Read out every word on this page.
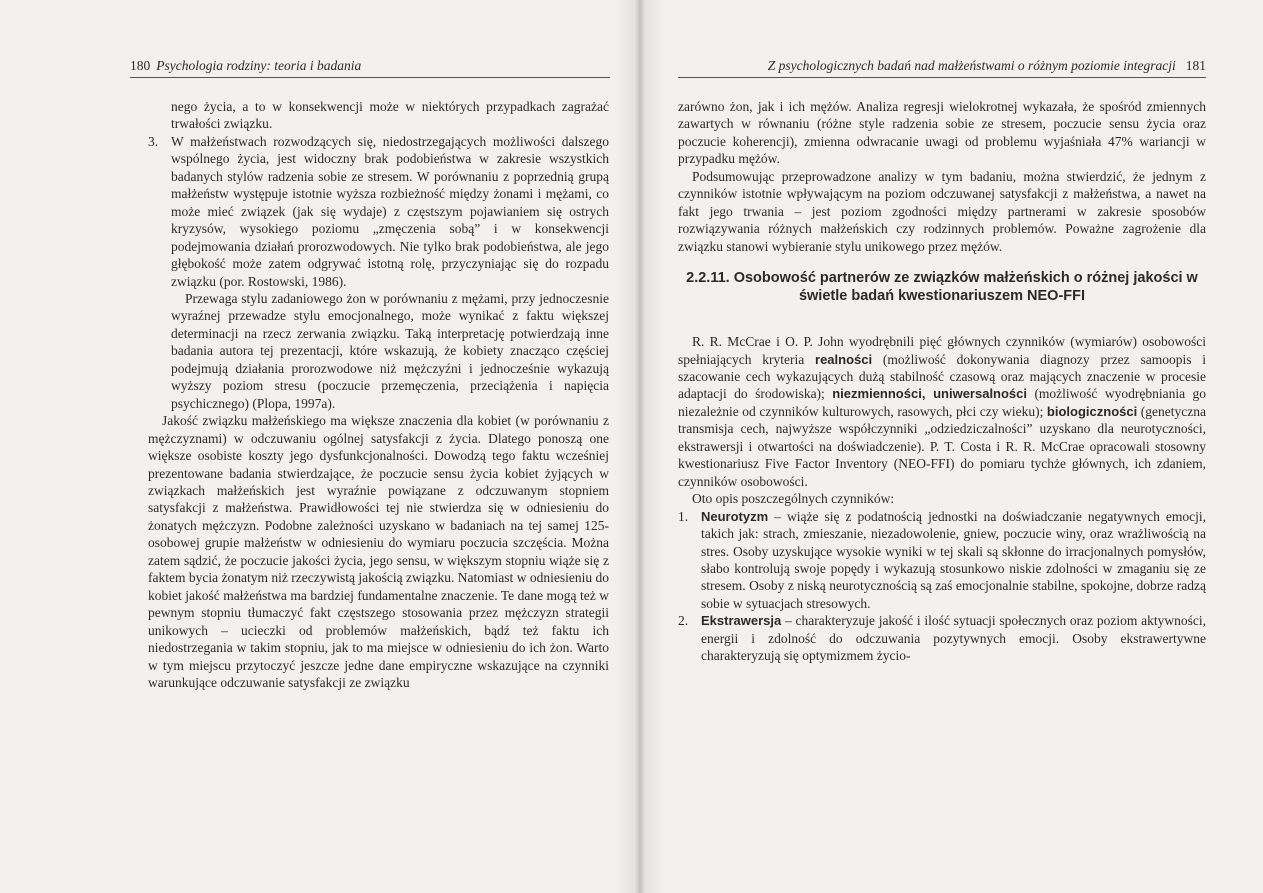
180 Psychologia rodziny: teoria i badania

nego życia, a to w konsekwencji może w niektórych przypadkach zagrażać trwałości związku.

3. W małżeństwach rozwodzących się, niedostrzegających możliwości dalszego wspólnego życia, jest widoczny brak podobieństwa w zakresie wszystkich badanych stylów radzenia sobie ze stresem. W porównaniu z poprzednią grupą małżeństw występuje istotnie wyższa rozbieżność między żonami i mężami, co może mieć związek (jak się wydaje) z częstszym pojawianiem się ostrych kryzysów, wysokiego poziomu „zmęczenia sobą” i w konsekwencji podejmowania działań prorozwodowych. Nie tylko brak podobieństwa, ale jego głębokość może zatem odgrywać istotną rolę, przyczyniając się do rozpadu związku (por. Rostowski, 1986).

Przewaga stylu zadaniowego żon w porównaniu z mężami, przy jednoczesnie wyraźnej przewadze stylu emocjonalnego, może wynikać z faktu większej determinacji na rzecz zerwania związku. Taką interpretację potwierdzają inne badania autora tej prezentacji, które wskazują, że kobiety znacząco częściej podejmują działania prorozwodowe niż mężczyźni i jednocześnie wykazują wyższy poziom stresu (poczucie przemęczenia, przeciążenia i napięcia psychicznego) (Plopa, 1997a).

Jakość związku małżeńskiego ma większe znaczenia dla kobiet (w porównaniu z mężczyznami) w odczuwaniu ogólnej satysfakcji z życia. Dlatego ponoszą one większe osobiste koszty jego dysfunkcjonalności. Dowodzą tego faktu wcześniej prezentowane badania stwierdzające, że poczucie sensu życia kobiet żyjących w związkach małżeńskich jest wyraźnie powiązane z odczuwanym stopniem satysfakcji z małżeństwa. Prawidłowości tej nie stwierdza się w odniesieniu do żonatych mężczyzn. Podobne zależności uzyskano w badaniach na tej samej 125-osobowej grupie małżeństw w odniesieniu do wymiaru poczucia szczęścia. Można zatem sądzić, że poczucie jakości życia, jego sensu, w większym stopniu wiąże się z faktem bycia żonatym niż rzeczywistą jakością związku. Natomiast w odniesieniu do kobiet jakość małżeństwa ma bardziej fundamentalne znaczenie. Te dane mogą też w pewnym stopniu tłumaczyć fakt częstszego stosowania przez mężczyzn strategii unikowych – ucieczki od problemów małżeńskich, bądź też faktu ich niedostrzegania w takim stopniu, jak to ma miejsce w odniesieniu do ich żon. Warto w tym miejscu przytoczyć jeszcze jedne dane empiryczne wskazujące na czynniki warunkujące odczuwanie satysfakcji ze związku

Z psychologicznych badań nad małżeństwami o różnym poziomie integracji 181

zarówno żon, jak i ich mężów. Analiza regresji wielokrotnej wykazała, że spośród zmiennych zawartych w równaniu (różne style radzenia sobie ze stresem, poczucie sensu życia oraz poczucie koherencji), zmienna odwracanie uwagi od problemu wyjaśniała 47% wariancji w przypadku mężów.

Podsumowując przeprowadzone analizy w tym badaniu, można stwierdzić, że jednym z czynników istotnie wpływającym na poziom odczuwanej satysfakcji z małżeństwa, a nawet na fakt jego trwania – jest poziom zgodności między partnerami w zakresie sposobów rozwiązywania różnych małżeńskich czy rodzinnych problemów. Poważne zagrożenie dla związku stanowi wybieranie stylu unikowego przez mężów.

2.2.11. Osobowość partnerów ze związków małżeńskich o różnej jakości w świetle badań kwestionariuszem NEO-FFI

R. R. McCrae i O. P. John wyodrębnili pięć głównych czynników (wymiarów) osobowości spełniających kryteria realności (możliwość dokonywania diagnozy przez samoopis i szacowanie cech wykazujących dużą stabilność czasową oraz mających znaczenie w procesie adaptacji do środowiska); niezmienności, uniwersalności (możliwość wyodrębniania go niezależnie od czynników kulturowych, rasowych, płci czy wieku); biologiczności (genetyczna transmisja cech, najwyższe współczynniki „odziedziczalności” uzyskano dla neurotyczności, ekstrawersji i otwartości na doświadczenie). P. T. Costa i R. R. McCrae opracowali stosowny kwestionariusz Five Factor Inventory (NEO-FFI) do pomiaru tychże głównych, ich zdaniem, czynników osobowości.

Oto opis poszczególnych czynników:

1. Neurotyzm – wiąże się z podatnością jednostki na doświadczanie negatywnych emocji, takich jak: strach, zmieszanie, niezadowolenie, gniew, poczucie winy, oraz wrażliwością na stres. Osoby uzyskujące wysokie wyniki w tej skali są skłonne do irracjonalnych pomysłów, słabo kontrolują swoje popędy i wykazują stosunkowo niskie zdolności w zmaganiu się ze stresem. Osoby z niską neurotycznością są zaś emocjonalnie stabilne, spokojne, dobrze radzą sobie w sytuacjach stresowych.

2. Ekstrawersja – charakteryzuje jakość i ilość sytuacji społecznych oraz poziom aktywności, energii i zdolność do odczuwania pozytywnych emocji. Osoby ekstrawertywne charakteryzują się optymizmem życio-
